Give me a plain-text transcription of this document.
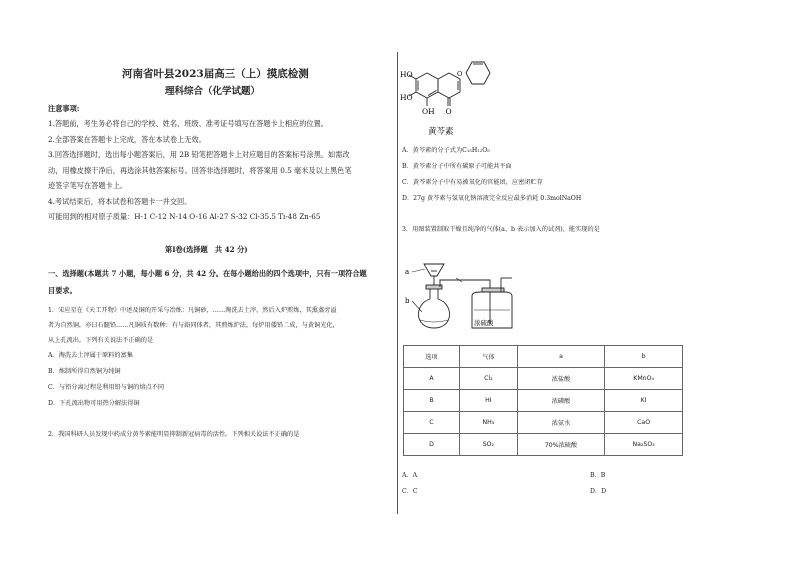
河南省叶县2023届高三（上）摸底检测
理科综合（化学试题）
注意事项:
1.答题前，考生务必将自己的学校、姓名、班级、准考证号填写在答题卡上相应的位置。
2.全部答案在答题卡上完成，答在本试卷上无效。
3.回答选择题时，选出每小题答案后，用 2B 铅笔把答题卡上对应题目的答案标号涂黑。如需改
动，用橡皮擦干净后，再选涂其他答案标号。回答非选择题时，将答案用 0.5 毫米及以上黑色笔
迹签字笔写在答题卡上。
4.考试结束后，将本试卷和答题卡一并交回。
可能用到的相对原子质量：H-1 C-12 N-14 O-16 Al-27 S-32 Cl-35.5 Ti-48 Zn-65
第Ⅰ卷(选择题　共 42 分)
一、选择题(本题共 7 小题，每小题 6 分，共 42 分。在每小题给出的四个选项中，只有一项符合题
目要求。
1．宋应星在《天工开物》中述及铜的开采与冶炼：凡铜砂，……淘洗去土滓，然后入炉煎炼，其熏蒸旁溢
者为自然铜，亦曰石髓铅……凡铜质有数种：有与鉛同体者，其煎炼炉法，每炉用倭铅二成，与黄铜光化，
从上孔流出。下列有关说法不正确的是
A．淘洗去土滓属于原料的富集
B．炼制所得自然铜为纯铜
C．与铅分离过程是利用铅与铜的熔点不同
D．下孔流出物可用热分解法得铜
2．我国科研人员发现中药成分黄芩素能明显抑制新冠病毒的活性。下列相关说法不正确的是
HO
HO
OH O
O
黄芩素
A．黄芩素的分子式为C₁₅H₁₂O₅
B．黄芩素分子中所有碳原子可能共平面
C．黄芩素分子中有易被氧化的官能团，应密闭贮存
D．27g 黄芩素与氢氧化钠溶液完全反应最多消耗 0.3molNaOH
3．用图装置制取干燥且纯净的气体(a、b 表示加入的试剂)，能实现的是
a
b
浓硫酸
选项	气体	a	b
A	Cl₂	浓盐酸	KMnO₄
B	HI	浓磷酸	KI
C	NH₃	浓氨水	CaO
D	SO₂	70%浓硫酸	Na₂SO₃
A．A	B．B
C．C	D．D
